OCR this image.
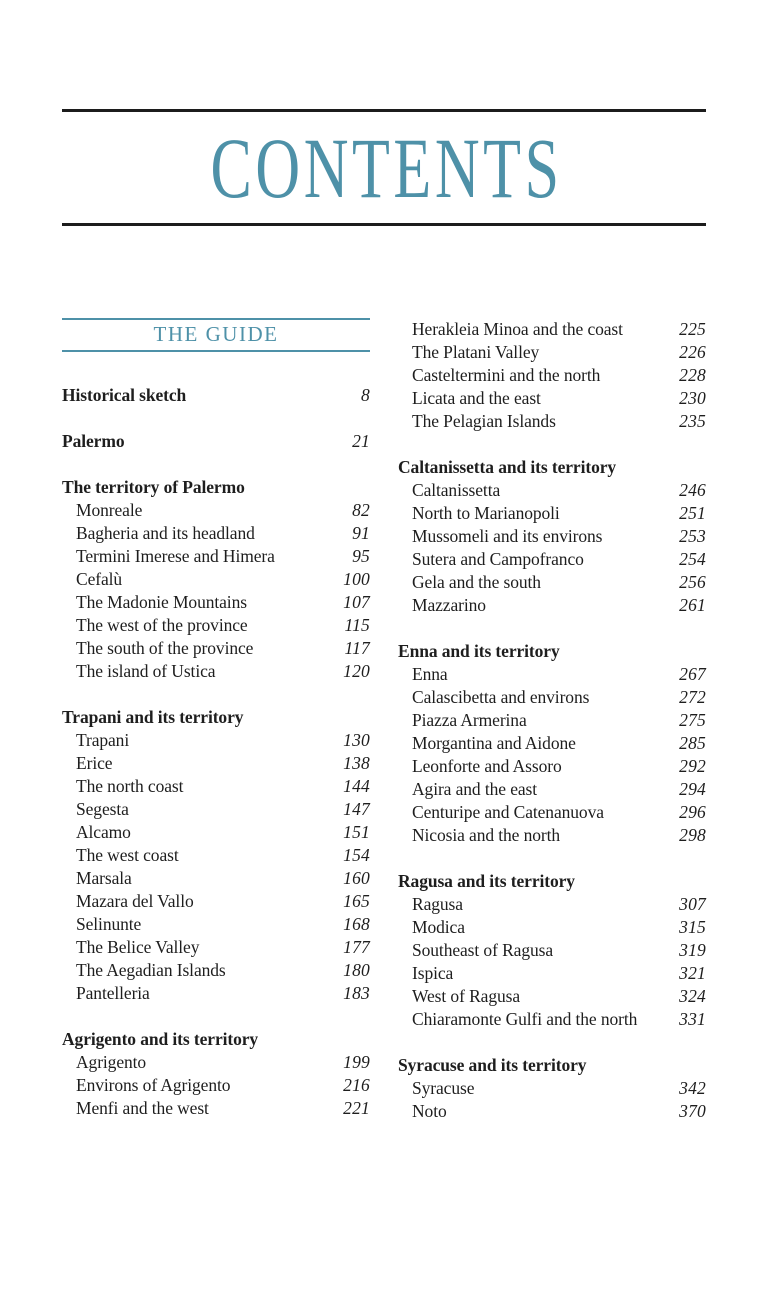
CONTENTS
THE GUIDE
Historical sketch	8
Palermo	21
The territory of Palermo
Monreale	82
Bagheria and its headland	91
Termini Imerese and Himera	95
Cefalù	100
The Madonie Mountains	107
The west of the province	115
The south of the province	117
The island of Ustica	120
Trapani and its territory
Trapani	130
Erice	138
The north coast	144
Segesta	147
Alcamo	151
The west coast	154
Marsala	160
Mazara del Vallo	165
Selinunte	168
The Belice Valley	177
The Aegadian Islands	180
Pantelleria	183
Agrigento and its territory
Agrigento	199
Environs of Agrigento	216
Menfi and the west	221
Herakleia Minoa and the coast	225
The Platani Valley	226
Casteltermini and the north	228
Licata and the east	230
The Pelagian Islands	235
Caltanissetta and its territory
Caltanissetta	246
North to Marianopoli	251
Mussomeli and its environs	253
Sutera and Campofranco	254
Gela and the south	256
Mazzarino	261
Enna and its territory
Enna	267
Calascibetta and environs	272
Piazza Armerina	275
Morgantina and Aidone	285
Leonforte and Assoro	292
Agira and the east	294
Centuripe and Catenanuova	296
Nicosia and the north	298
Ragusa and its territory
Ragusa	307
Modica	315
Southeast of Ragusa	319
Ispica	321
West of Ragusa	324
Chiaramonte Gulfi and the north 331
Syracuse and its territory
Syracuse	342
Noto	370
